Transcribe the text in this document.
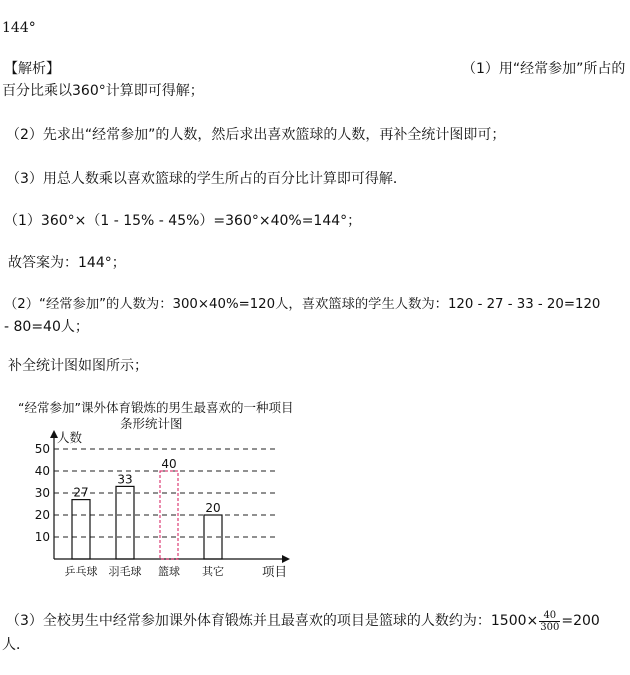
144°
【解析】	（1）用“经常参加”所占的
百分比乘以360°计算即可得解；
（2）先求出“经常参加”的人数，然后求出喜欢篮球的人数，再补全统计图即可；
（3）用总人数乘以喜欢篮球的学生所占的百分比计算即可得解．
（1）360°×（1 - 15% - 45%）=360°×40%=144°；
故答案为：144°；
（2）“经常参加”的人数为：300×40%=120人，喜欢篮球的学生人数为：120 - 27 - 33 - 20=120
- 80=40人；
补全统计图如图所示；
“经常参加”课外体育锻炼的男生最喜欢的一种项目
条形统计图
人数
项目
10
20
30
40
50
27
乒乓球
33
羽毛球
40
篮球
20
其它
（3）全校男生中经常参加课外体育锻炼并且最喜欢的项目是篮球的人数约为：$1500\times \frac{40}{300} =200$
人．
